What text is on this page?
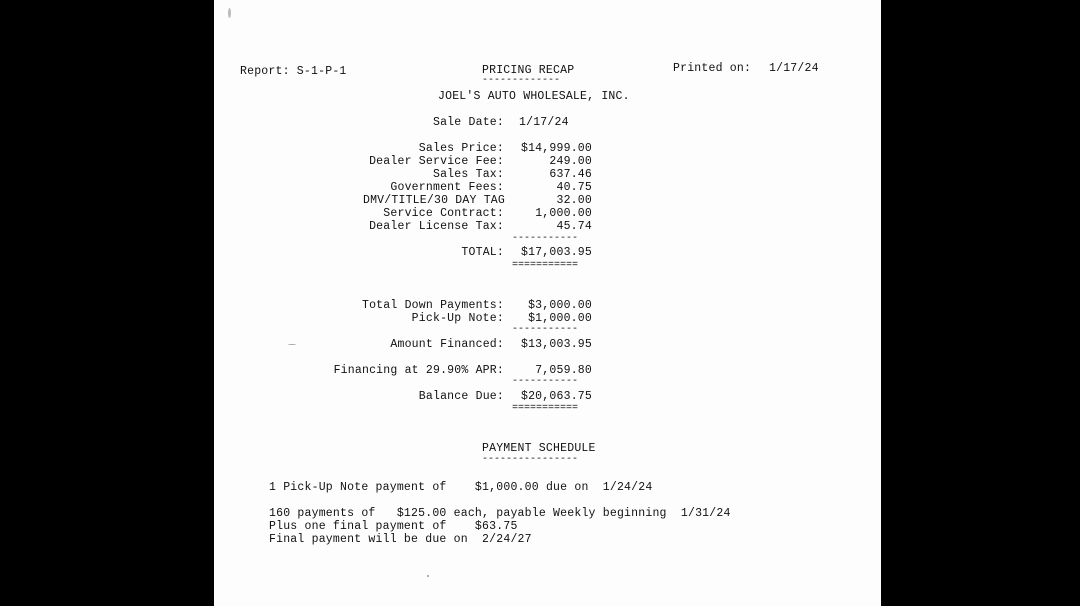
Report: S-1-P-1	PRICING RECAP
-------------
Printed on: 1/17/24
JOEL'S AUTO WHOLESALE, INC.
Sale Date: 1/17/24
Sales Price:	$14,999.00
Dealer Service Fee:	249.00
Sales Tax:	637.46
Government Fees:	40.75
DMV/TITLE/30 DAY TAG	32.00
Service Contract:	1,000.00
Dealer License Tax:	45.74
-----------
TOTAL:	$17,003.95
===========
Total Down Payments:	$3,000.00
Pick-Up Note:	$1,000.00
-----------
Amount Financed:	$13,003.95
Financing at 29.90% APR:	7,059.80
-----------
Balance Due:	$20,063.75
===========
PAYMENT SCHEDULE
----------------
1 Pick-Up Note payment of    $1,000.00 due on  1/24/24
160 payments of   $125.00 each, payable Weekly beginning  1/31/24
Plus one final payment of    $63.75
Final payment will be due on  2/24/27
